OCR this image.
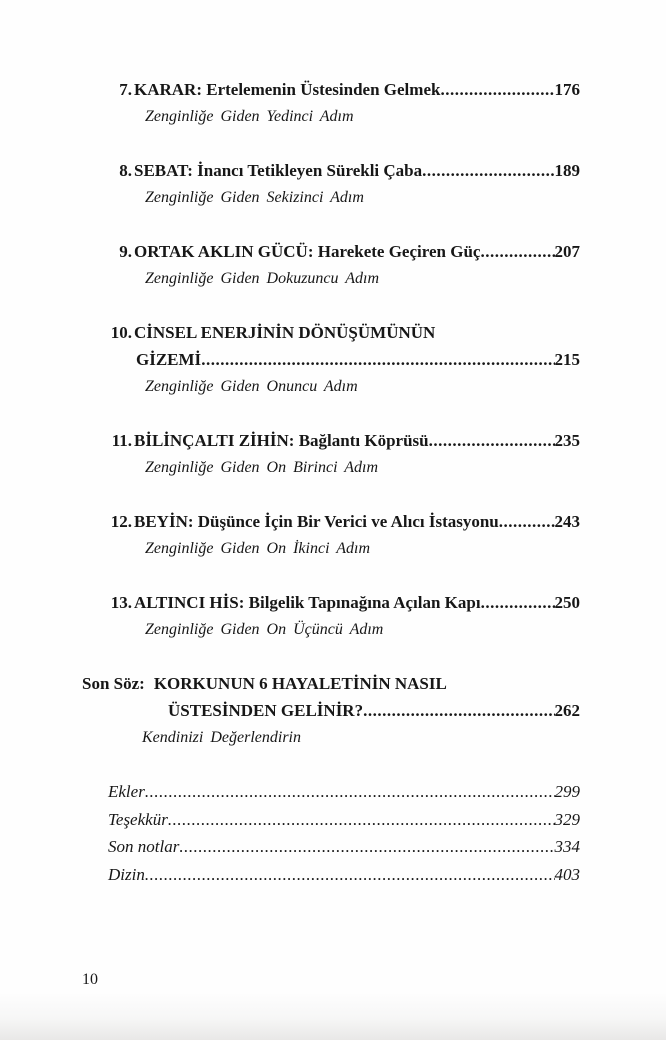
7. KARAR: Ertelemenin Üstesinden Gelmek .....	176
Zenginliğe Giden Yedinci Adım
8. SEBAT: İnancı Tetikleyen Sürekli Çaba .....	189
Zenginliğe Giden Sekizinci Adım
9. ORTAK AKLIN GÜCÜ: Harekete Geçiren Güç .....	207
Zenginliğe Giden Dokuzuncu Adım
10. CİNSEL ENERJİNİN DÖNÜŞÜMÜNÜN
GİZEMİ .....	215
Zenginliğe Giden Onuncu Adım
11. BİLİNÇALTI ZİHİN: Bağlantı Köprüsü .....	235
Zenginliğe Giden On Birinci Adım
12. BEYİN: Düşünce İçin Bir Verici ve Alıcı İstasyonu .....	243
Zenginliğe Giden On İkinci Adım
13. ALTINCI HİS: Bilgelik Tapınağına Açılan Kapı .....	250
Zenginliğe Giden On Üçüncü Adım
Son Söz: KORKUNUN 6 HAYALETİNİN NASIL
ÜSTESİNDEN GELİNİR? .....	262
Kendinizi Değerlendirin
Ekler .....	299
Teşekkür .....	329
Son notlar .....	334
Dizin .....	403
10
